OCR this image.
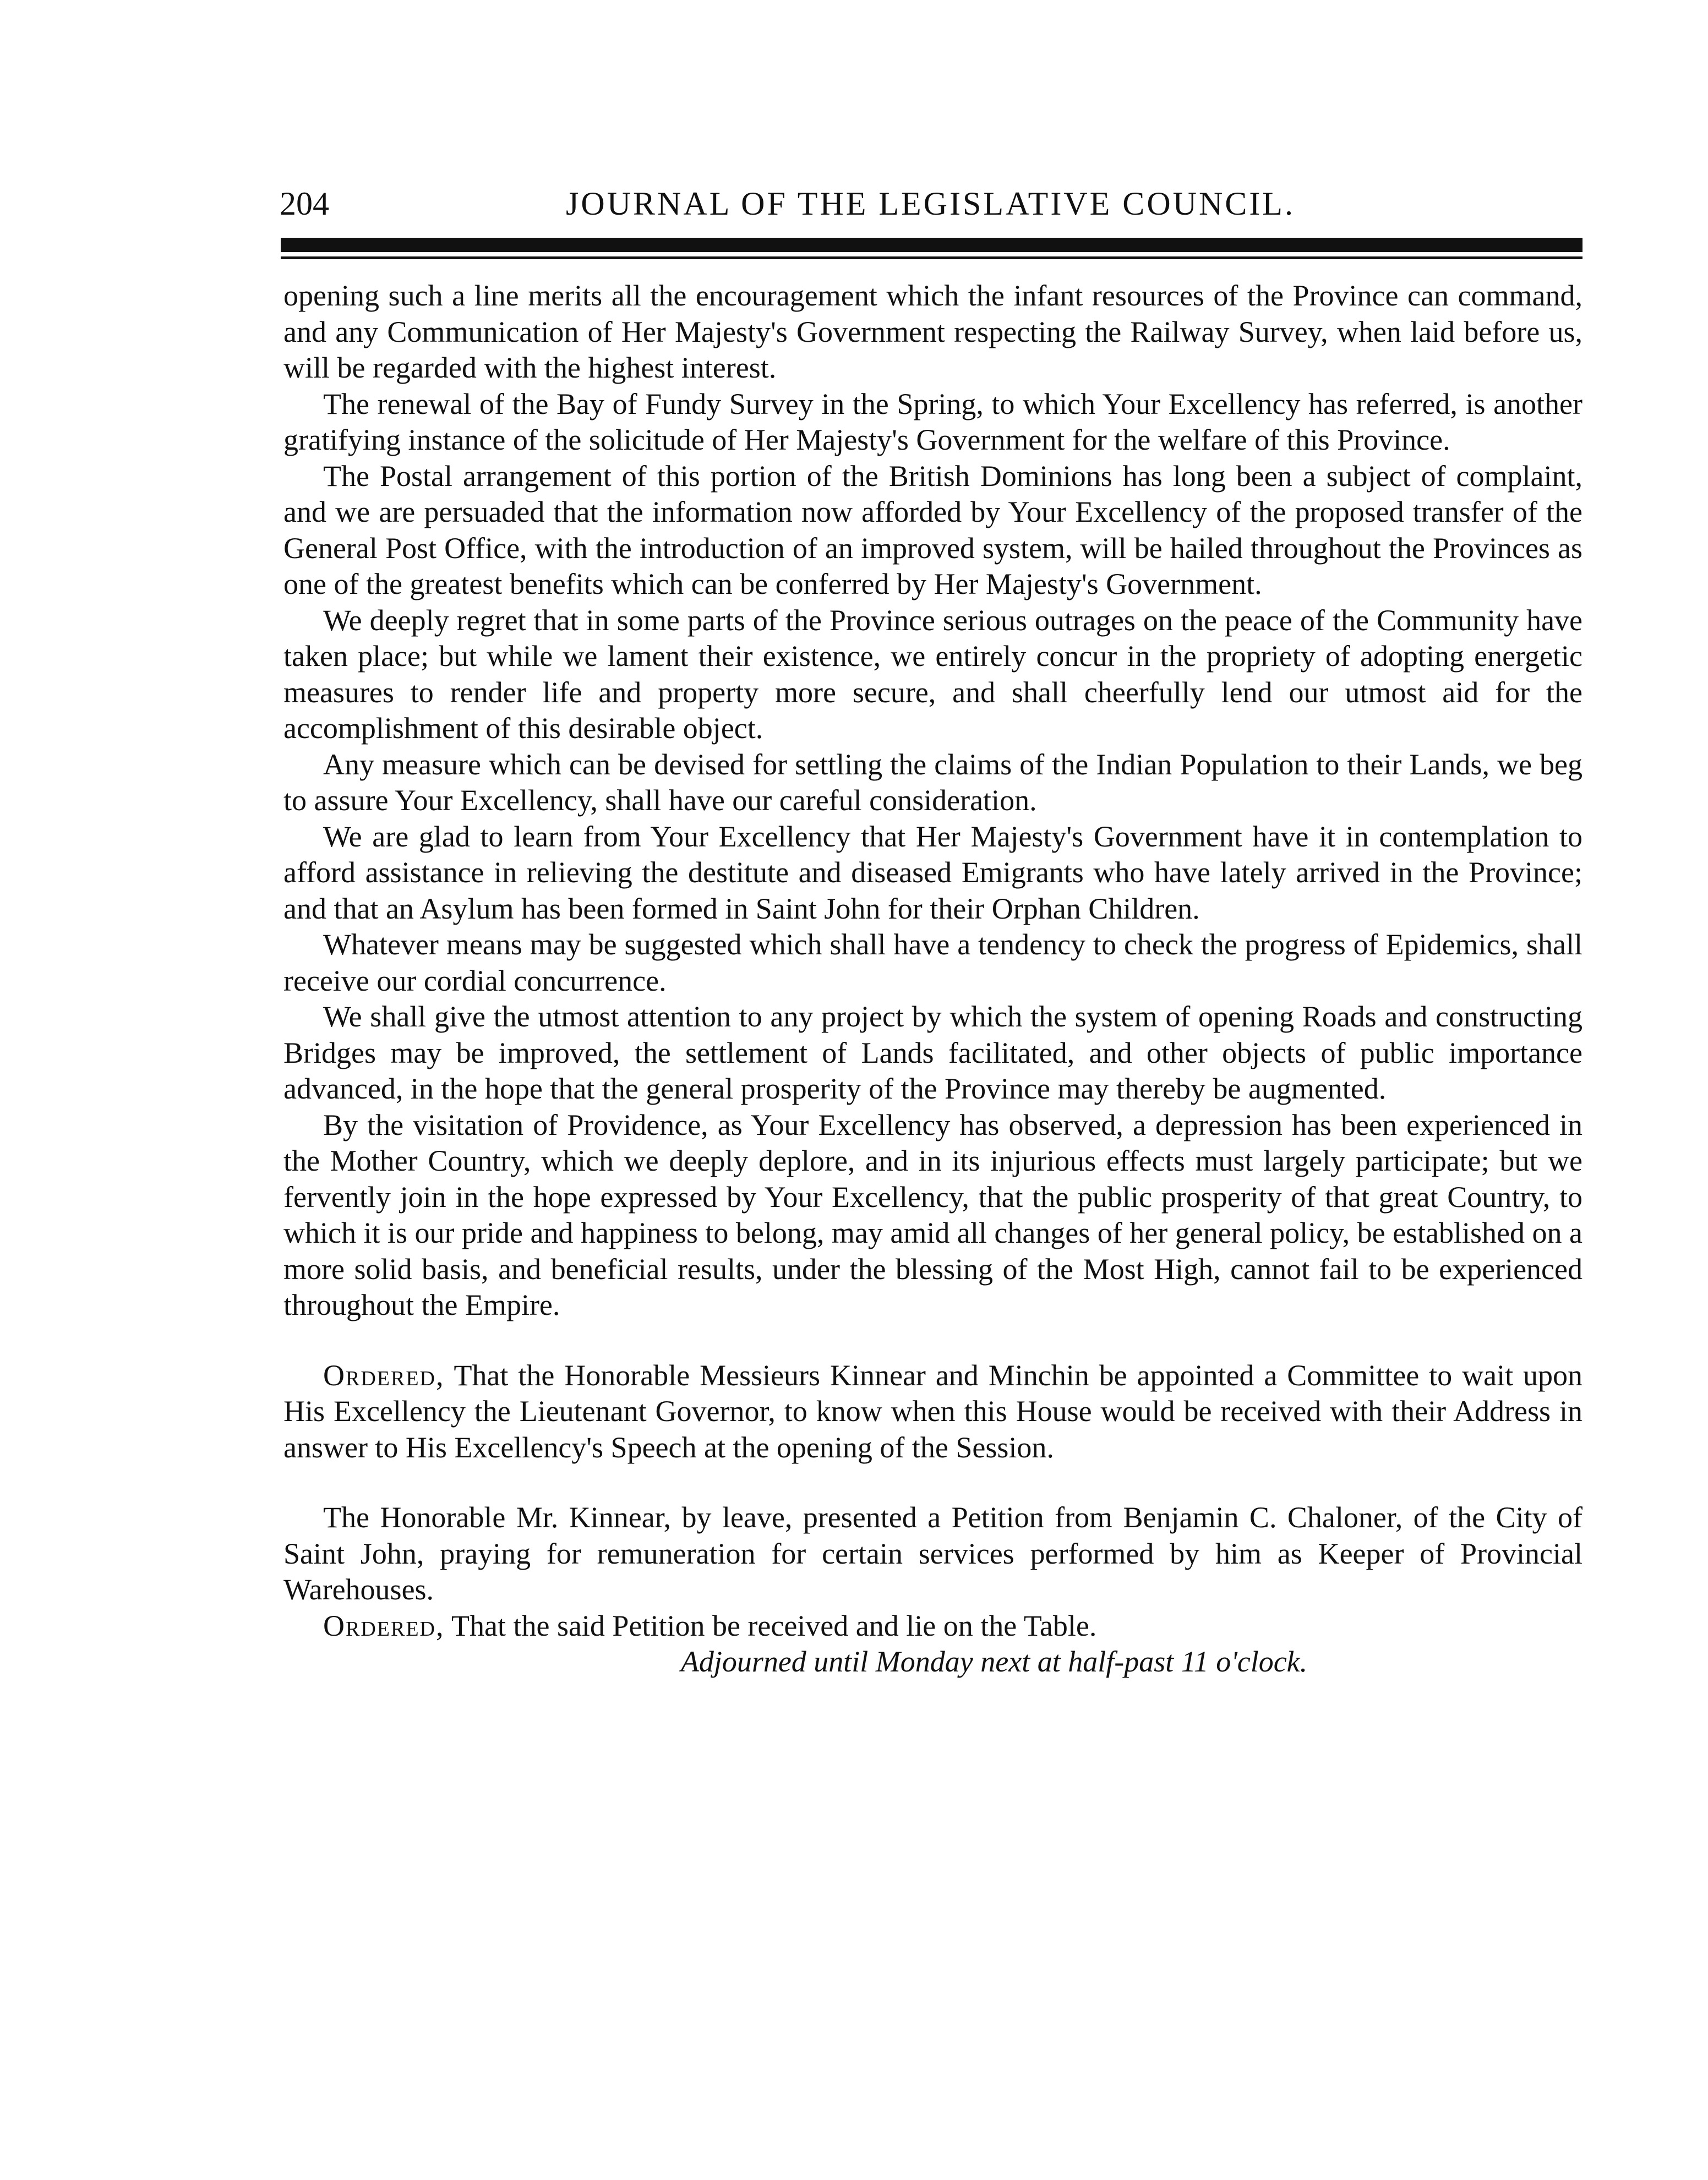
204	JOURNAL OF THE LEGISLATIVE COUNCIL.

opening such a line merits all the encouragement which the infant resources of the Province can command, and any Communication of Her Majesty's Government respecting the Railway Survey, when laid before us, will be regarded with the highest interest.

The renewal of the Bay of Fundy Survey in the Spring, to which Your Excellency has referred, is another gratifying instance of the solicitude of Her Majesty's Government for the welfare of this Province.

The Postal arrangement of this portion of the British Dominions has long been a subject of complaint, and we are persuaded that the information now afforded by Your Excellency of the proposed transfer of the General Post Office, with the introduction of an improved system, will be hailed throughout the Provinces as one of the greatest benefits which can be conferred by Her Majesty's Government.

We deeply regret that in some parts of the Province serious outrages on the peace of the Community have taken place; but while we lament their existence, we entirely concur in the propriety of adopting energetic measures to render life and property more secure, and shall cheerfully lend our utmost aid for the accomplishment of this desirable object.

Any measure which can be devised for settling the claims of the Indian Population to their Lands, we beg to assure Your Excellency, shall have our careful consideration.

We are glad to learn from Your Excellency that Her Majesty's Government have it in contemplation to afford assistance in relieving the destitute and diseased Emigrants who have lately arrived in the Province; and that an Asylum has been formed in Saint John for their Orphan Children.

Whatever means may be suggested which shall have a tendency to check the progress of Epidemics, shall receive our cordial concurrence.

We shall give the utmost attention to any project by which the system of opening Roads and constructing Bridges may be improved, the settlement of Lands facilitated, and other objects of public importance advanced, in the hope that the general prosperity of the Province may thereby be augmented.

By the visitation of Providence, as Your Excellency has observed, a depression has been experienced in the Mother Country, which we deeply deplore, and in its injurious effects must largely participate; but we fervently join in the hope expressed by Your Excellency, that the public prosperity of that great Country, to which it is our pride and happiness to belong, may amid all changes of her general policy, be established on a more solid basis, and beneficial results, under the blessing of the Most High, cannot fail to be experienced throughout the Empire.

Ordered, That the Honorable Messieurs Kinnear and Minchin be appointed a Committee to wait upon His Excellency the Lieutenant Governor, to know when this House would be received with their Address in answer to His Excellency's Speech at the opening of the Session.

The Honorable Mr. Kinnear, by leave, presented a Petition from Benjamin C. Chaloner, of the City of Saint John, praying for remuneration for certain services performed by him as Keeper of Provincial Warehouses.

Ordered, That the said Petition be received and lie on the Table.

Adjourned until Monday next at half-past 11 o'clock.
